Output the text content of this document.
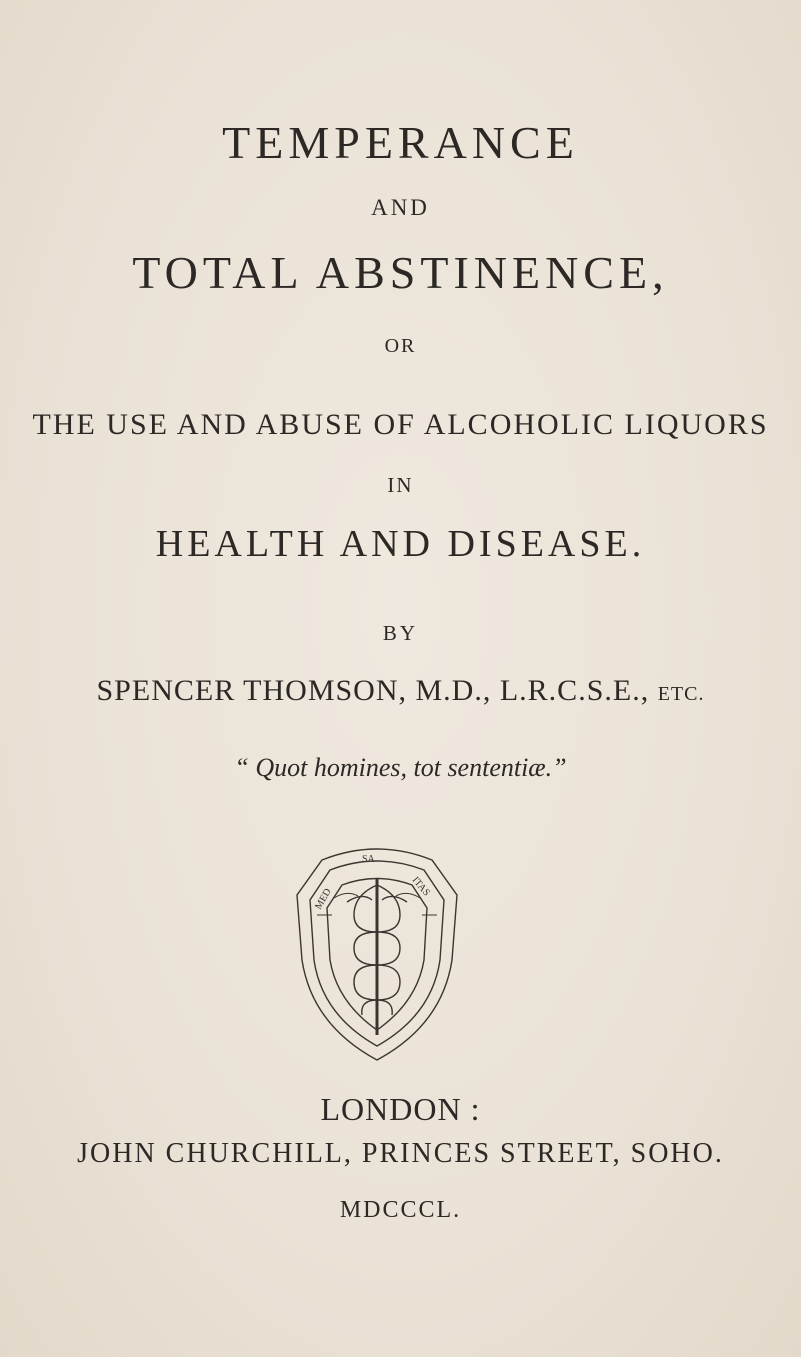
TEMPERANCE
AND
TOTAL ABSTINENCE,
OR
THE USE AND ABUSE OF ALCOHOLIC LIQUORS
IN
HEALTH AND DISEASE.
BY
SPENCER THOMSON, M.D., L.R.C.S.E., ETC.
“ Quot homines, tot sententiæ.”
MED
ITAS
SA
LONDON :
JOHN CHURCHILL, PRINCES STREET, SOHO.
MDCCCL.
